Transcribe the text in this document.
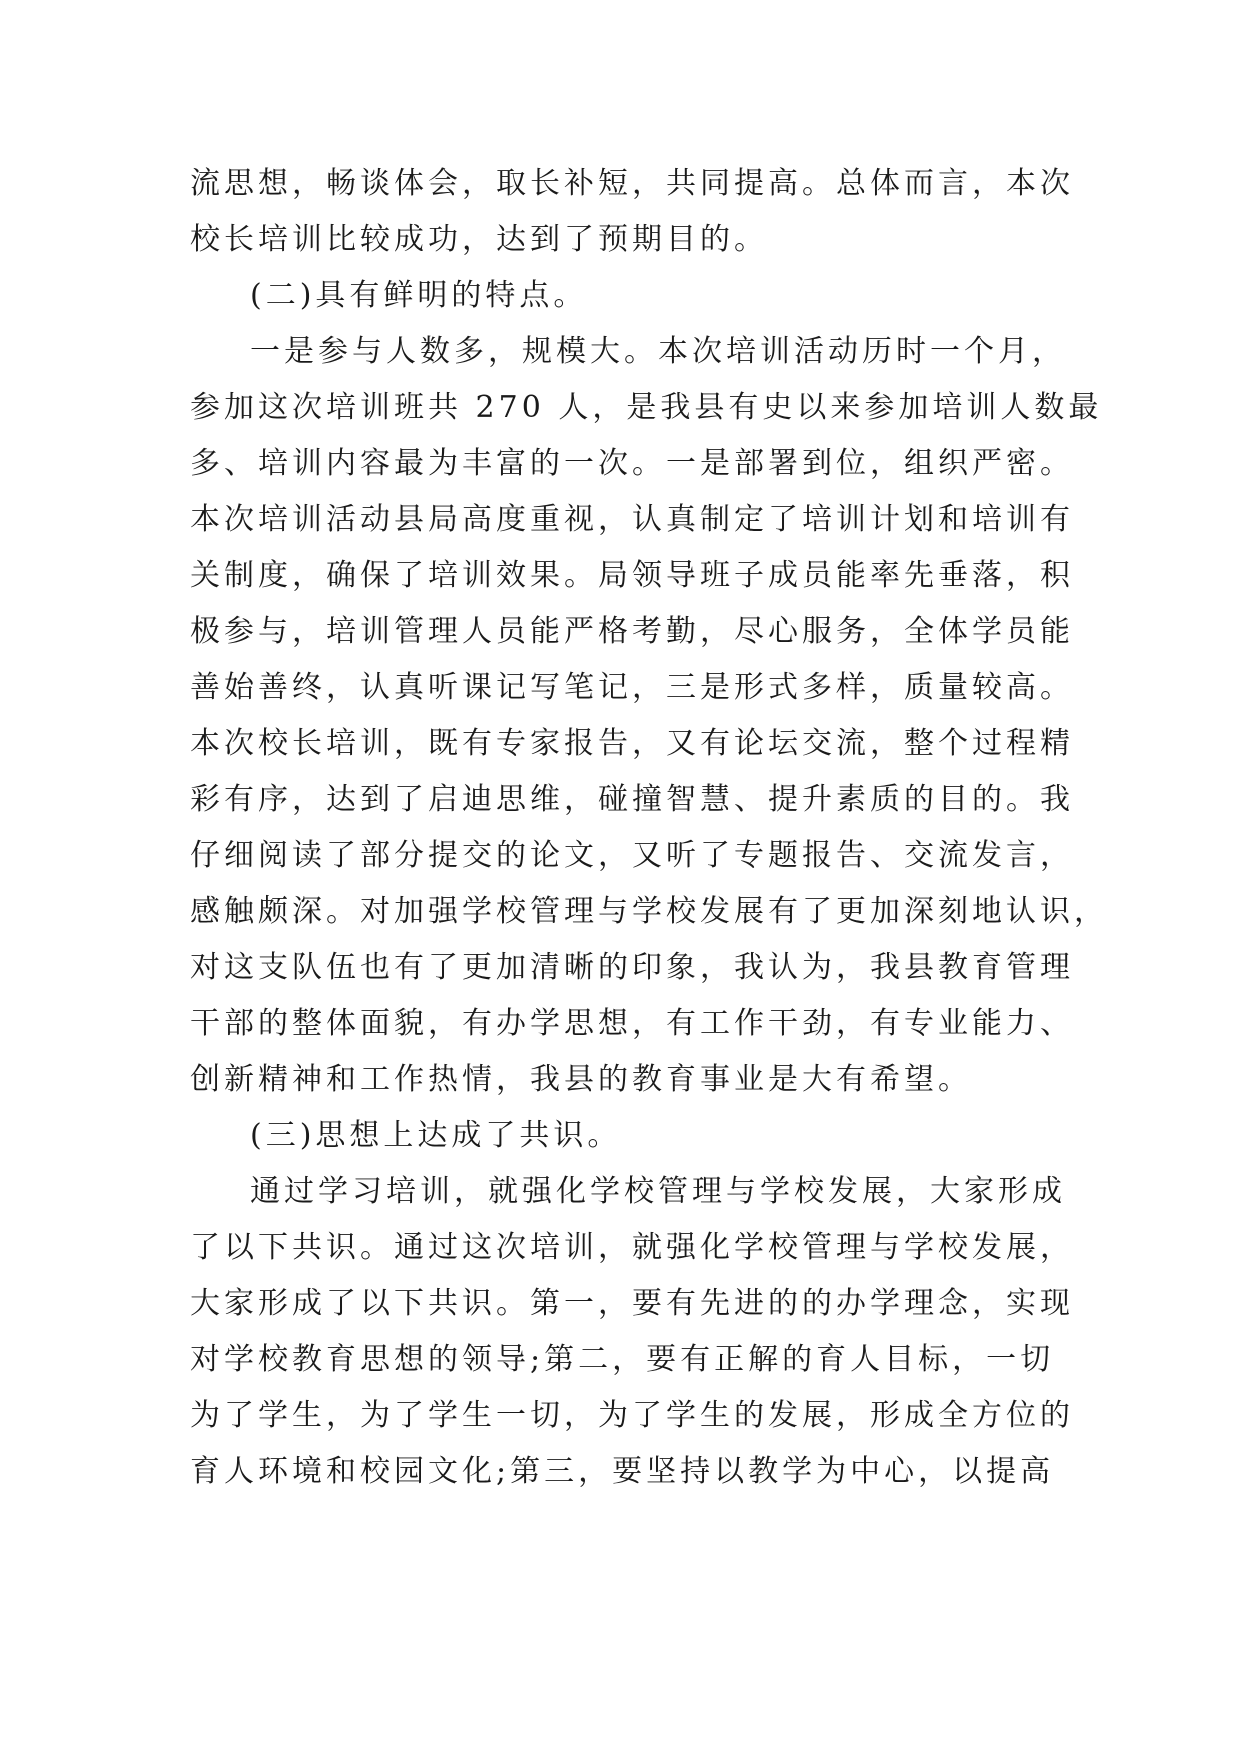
流思想，畅谈体会，取长补短，共同提高。总体而言，本次
校长培训比较成功，达到了预期目的。
(二)具有鲜明的特点。
一是参与人数多，规模大。本次培训活动历时一个月，
参加这次培训班共 270 人，是我县有史以来参加培训人数最
多、培训内容最为丰富的一次。一是部署到位，组织严密。
本次培训活动县局高度重视，认真制定了培训计划和培训有
关制度，确保了培训效果。局领导班子成员能率先垂落，积
极参与，培训管理人员能严格考勤，尽心服务，全体学员能
善始善终，认真听课记写笔记，三是形式多样，质量较高。
本次校长培训，既有专家报告，又有论坛交流，整个过程精
彩有序，达到了启迪思维，碰撞智慧、提升素质的目的。我
仔细阅读了部分提交的论文，又听了专题报告、交流发言，
感触颇深。对加强学校管理与学校发展有了更加深刻地认识，
对这支队伍也有了更加清晰的印象，我认为，我县教育管理
干部的整体面貌，有办学思想，有工作干劲，有专业能力、
创新精神和工作热情，我县的教育事业是大有希望。
(三)思想上达成了共识。
通过学习培训，就强化学校管理与学校发展，大家形成
了以下共识。通过这次培训，就强化学校管理与学校发展，
大家形成了以下共识。第一，要有先进的的办学理念，实现
对学校教育思想的领导;第二，要有正解的育人目标，一切
为了学生，为了学生一切，为了学生的发展，形成全方位的
育人环境和校园文化;第三，要坚持以教学为中心，以提高
